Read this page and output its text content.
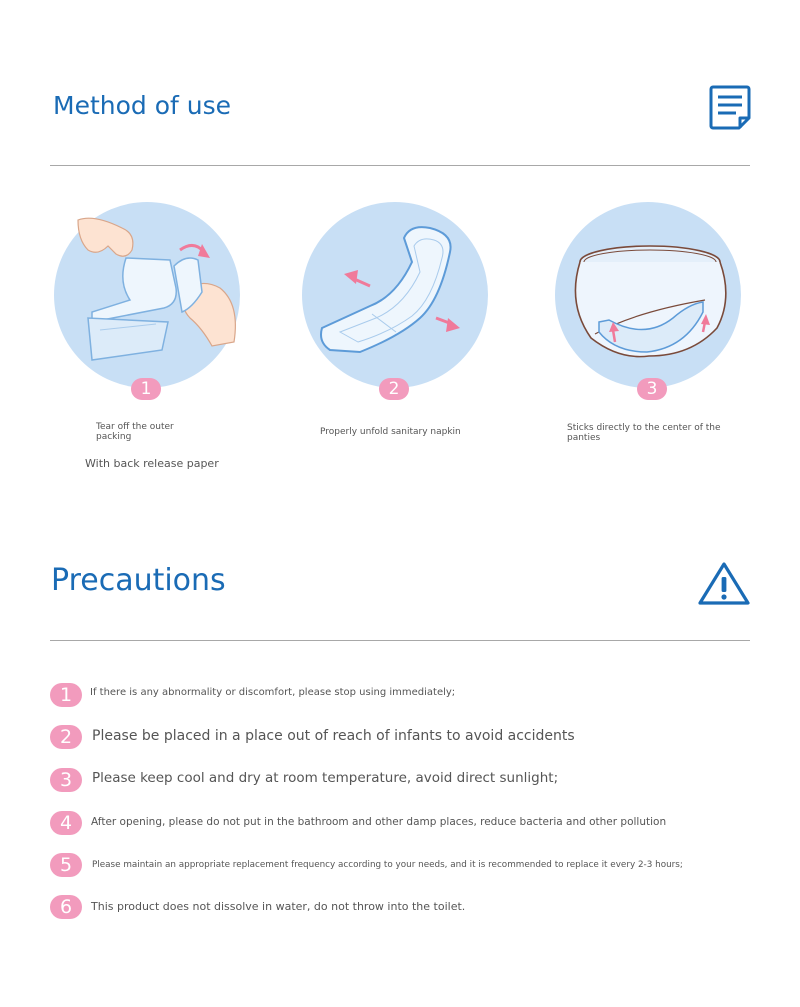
Method of use
1	2	3
Tear off the outer
packing	Properly unfold sanitary napkin	Sticks directly to the center of the
panties
With back release paper
Precautions
1	If there is any abnormality or discomfort, please stop using immediately;
2	Please be placed in a place out of reach of infants to avoid accidents
3	Please keep cool and dry at room temperature, avoid direct sunlight;
4	After opening, please do not put in the bathroom and other damp places, reduce bacteria and other pollution
5	Please maintain an appropriate replacement frequency according to your needs, and it is recommended to replace it every 2-3 hours;
6	This product does not dissolve in water, do not throw into the toilet.
